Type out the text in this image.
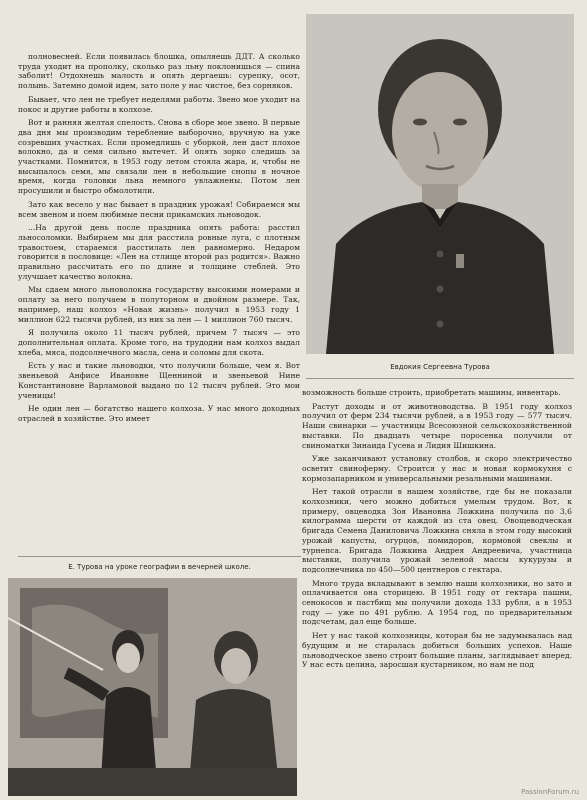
полновесней. Если появилась блошка, опыляешь ДДТ. А сколько труда уходит на прополку, сколько раз льну поклонишься — спина заболит! Отдохнешь малость и опять дергаешь: сурепку, осот, полынь. Затемно домой идем, зато поле у нас чистое, без сорняков.

Бывает, что лен не требует неделями работы. Звено мое уходит на покос и другие работы в колхозе.

Вот и ранняя желтая спелость. Снова в сборе мое звено. В первые два дня мы производим теребление выборочно, вручную на уже созревших участках. Если промедлишь с уборкой, лен даст плохое волокно, да и семя сильно вытечет. И опять зорко следишь за участками. Помнится, в 1953 году летом стояла жара, и, чтобы не высыпалось семя, мы связали лен в небольшие снопы в ночное время, когда головки льна немного увлажнены. Потом лен просушили и быстро обмолотили.

Зато как весело у нас бывает в праздник урожая! Собираемся мы всем звеном и поем любимые песни прикамских льноводок.

...На другой день после праздника опять работа: расстил льносоломки. Выбираем мы для расстила ровные луга, с плотным травостоем, стараемся расстилать лен равномерно. Недаром говорится в пословице: «Лен на стлище второй раз родится». Важно правильно рассчитать его по длине и толщине стеблей. Это улучшает качество волокна.

Мы сдаем много льноволокна государству высокими номерами и оплату за него получаем в полуторном и двойном размере. Так, например, наш колхоз «Новая жизнь» получил в 1953 году 1 миллион 622 тысячи рублей, из них за лен — 1 миллион 760 тысяч.

Я получила около 11 тысяч рублей, причем 7 тысяч — это дополнительная оплата. Кроме того, на трудодни нам колхоз выдал хлеба, мяса, подсолнечного масла, сена и соломы для скота.

Есть у нас и такие льноводки, что получили больше, чем я. Вот звеньевой Анфисе Ивановне Щенниной и звеньевой Нине Константиновне Варламовой выдано по 12 тысяч рублей. Это мои ученицы!

Не один лен — богатство нашего колхоза. У нас много доходных отраслей в хозяйстве. Это имеет

Евдокия Сергеевна Турова
Е. Турова на уроке географии в вечерней школе.

возможность больше строить, приобретать машины, инвентарь.

Растут доходы и от животноводства. В 1951 году колхоз получил от ферм 234 тысячи рублей, а в 1953 году — 577 тысяч. Наши свинарки — участницы Всесоюзной сельскохозяйственной выставки. По двадцать четыре поросенка получили от свиноматки Зинаида Гусева и Лидия Шишкина.

Уже заканчивают установку столбов, и скоро электричество осветит свиноферму. Строится у нас и новая кормокухня с кормозапарником и универсальными резальными машинами.

Нет такой отрасли в нашем хозяйстве, где бы не показали колхозники, чего можно добиться умелым трудом. Вот, к примеру, овцеводка Зоя Ивановна Ложкина получила по 3,6 килограмма шерсти от каждой из ста овец. Овощеводческая бригада Семена Даниловича Ложкина сняла в этом году высокий урожай капусты, огурцов, помидоров, кормовой свеклы и турнепса. Бригада Ложкина Андрея Андреевича, участница выставки, получила урожай зеленой массы кукурузы и подсолнечника по 450—500 центнеров с гектара.

Много труда вкладывают в землю наши колхозники, но зато и оплачивается она сторицею. В 1951 году от гектара пашни, сенокосов и пастбищ мы получили дохода 133 рубля, а в 1953 году — уже по 491 рублю. А 1954 год, по предварительным подсчетам, дал еще больше.

Нет у нас такой колхозницы, которая бы не задумывалась над будущим и не старалась добиться больших успехов. Наше льноводческое звено строит большие планы, заглядывает вперед. У нас есть целина, заросшая кустарником, но нам не под

PassionForum.ru
